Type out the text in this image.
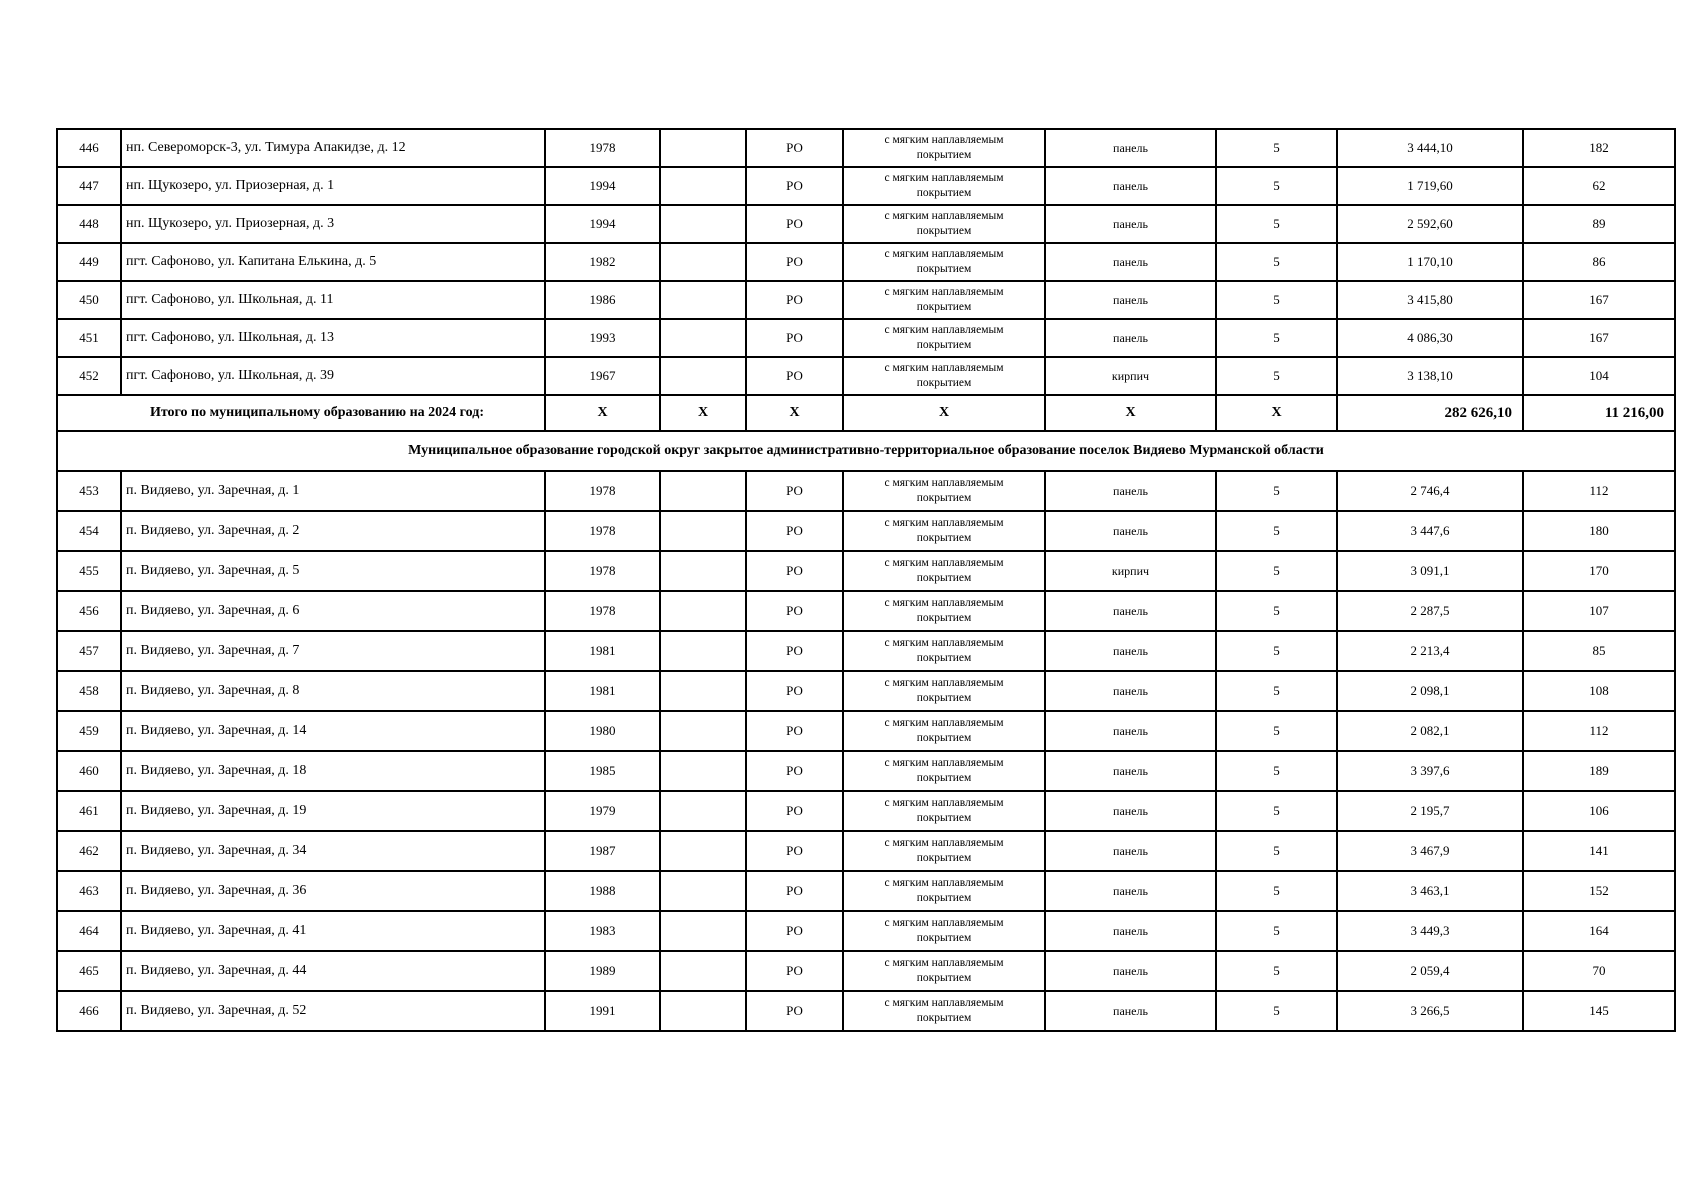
446	нп. Североморск-3, ул. Тимура Апакидзе, д. 12	1978		РО	с мягким наплавляемым
покрытием	панель	5	3 444,10	182
447	нп. Щукозеро, ул. Приозерная, д. 1	1994		РО	с мягким наплавляемым
покрытием	панель	5	1 719,60	62
448	нп. Щукозеро, ул. Приозерная, д. 3	1994		РО	с мягким наплавляемым
покрытием	панель	5	2 592,60	89
449	пгт. Сафоново, ул. Капитана Елькина, д. 5	1982		РО	с мягким наплавляемым
покрытием	панель	5	1 170,10	86
450	пгт. Сафоново, ул. Школьная, д. 11	1986		РО	с мягким наплавляемым
покрытием	панель	5	3 415,80	167
451	пгт. Сафоново, ул. Школьная, д. 13	1993		РО	с мягким наплавляемым
покрытием	панель	5	4 086,30	167
452	пгт. Сафоново, ул. Школьная, д. 39	1967		РО	с мягким наплавляемым
покрытием	кирпич	5	3 138,10	104
Итого по муниципальному образованию на 2024 год:		X	X	X	X	X	X	282 626,10	11 216,00
Муниципальное образование городской округ закрытое административно-территориальное образование поселок Видяево Мурманской области									
453	п. Видяево, ул. Заречная, д. 1	1978		РО	с мягким наплавляемым
покрытием	панель	5	2 746,4	112
454	п. Видяево, ул. Заречная, д. 2	1978		РО	с мягким наплавляемым
покрытием	панель	5	3 447,6	180
455	п. Видяево, ул. Заречная, д. 5	1978		РО	с мягким наплавляемым
покрытием	кирпич	5	3 091,1	170
456	п. Видяево, ул. Заречная, д. 6	1978		РО	с мягким наплавляемым
покрытием	панель	5	2 287,5	107
457	п. Видяево, ул. Заречная, д. 7	1981		РО	с мягким наплавляемым
покрытием	панель	5	2 213,4	85
458	п. Видяево, ул. Заречная, д. 8	1981		РО	с мягким наплавляемым
покрытием	панель	5	2 098,1	108
459	п. Видяево, ул. Заречная, д. 14	1980		РО	с мягким наплавляемым
покрытием	панель	5	2 082,1	112
460	п. Видяево, ул. Заречная, д. 18	1985		РО	с мягким наплавляемым
покрытием	панель	5	3 397,6	189
461	п. Видяево, ул. Заречная, д. 19	1979		РО	с мягким наплавляемым
покрытием	панель	5	2 195,7	106
462	п. Видяево, ул. Заречная, д. 34	1987		РО	с мягким наплавляемым
покрытием	панель	5	3 467,9	141
463	п. Видяево, ул. Заречная, д. 36	1988		РО	с мягким наплавляемым
покрытием	панель	5	3 463,1	152
464	п. Видяево, ул. Заречная, д. 41	1983		РО	с мягким наплавляемым
покрытием	панель	5	3 449,3	164
465	п. Видяево, ул. Заречная, д. 44	1989		РО	с мягким наплавляемым
покрытием	панель	5	2 059,4	70
466	п. Видяево, ул. Заречная, д. 52	1991		РО	с мягким наплавляемым
покрытием	панель	5	3 266,5	145
